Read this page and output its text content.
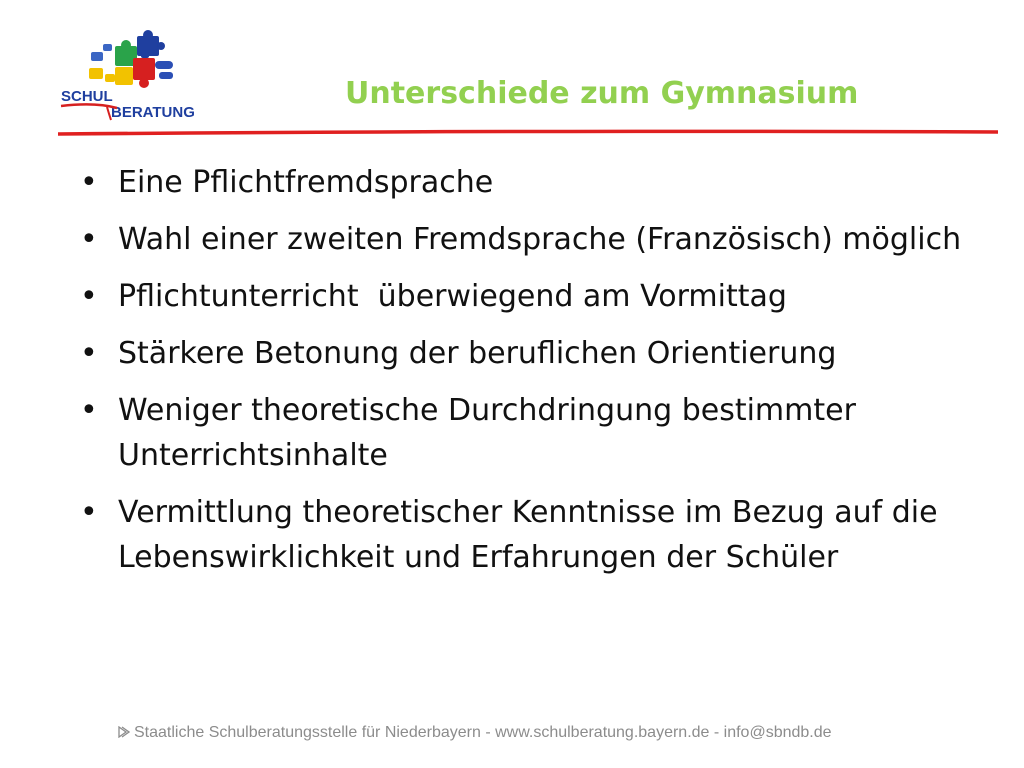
SCHUL
BERATUNG
Unterschiede zum Gymnasium
• Eine Pflichtfremdsprache
• Wahl einer zweiten Fremdsprache (Französisch) möglich
• Pflichtunterricht  überwiegend am Vormittag
• Stärkere Betonung der beruflichen Orientierung
• Weniger theoretische Durchdringung bestimmter Unterrichtsinhalte
• Vermittlung theoretischer Kenntnisse im Bezug auf die Lebenswirklichkeit und Erfahrungen der Schüler
Staatliche Schulberatungsstelle für Niederbayern - www.schulberatung.bayern.de - info@sbndb.de
